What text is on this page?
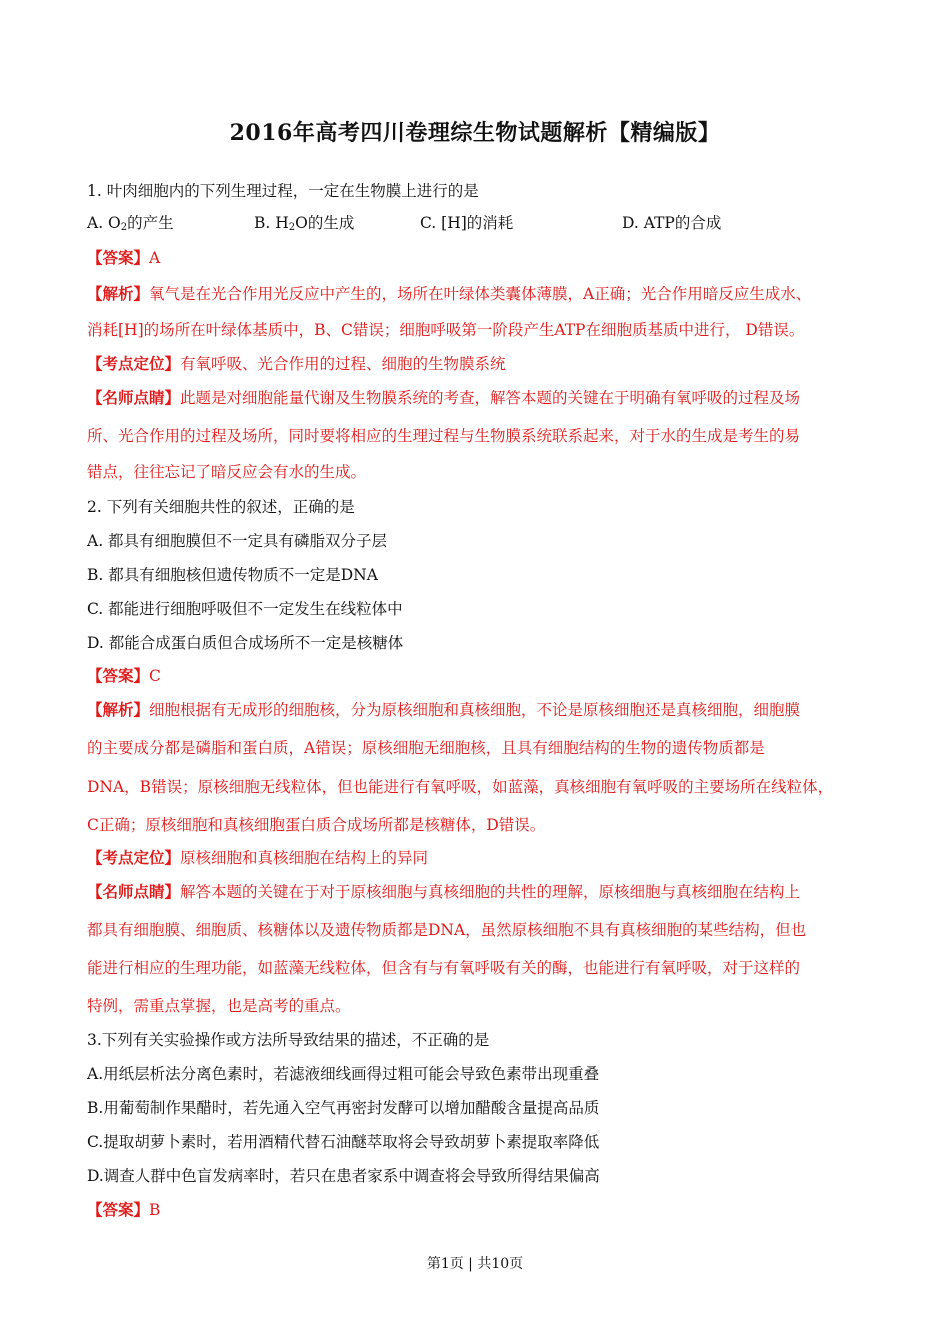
2016年高考四川卷理综生物试题解析【精编版】
1. 叶肉细胞内的下列生理过程，一定在生物膜上进行的是
A. $O_2$的产生	B. $H_2O$的生成	C. [H]的消耗	D. ATP的合成
【答案】A
【解析】氧气是在光合作用光反应中产生的，场所在叶绿体类囊体薄膜，A正确；光合作用暗反应生成水、
消耗[H]的场所在叶绿体基质中，B、C错误；细胞呼吸第一阶段产生ATP在细胞质基质中进行， D错误。
【考点定位】有氧呼吸、光合作用的过程、细胞的生物膜系统
【名师点睛】此题是对细胞能量代谢及生物膜系统的考查，解答本题的关键在于明确有氧呼吸的过程及场
所、光合作用的过程及场所，同时要将相应的生理过程与生物膜系统联系起来，对于水的生成是考生的易
错点，往往忘记了暗反应会有水的生成。
2. 下列有关细胞共性的叙述，正确的是
A. 都具有细胞膜但不一定具有磷脂双分子层
B. 都具有细胞核但遗传物质不一定是DNA
C. 都能进行细胞呼吸但不一定发生在线粒体中
D. 都能合成蛋白质但合成场所不一定是核糖体
【答案】C
【解析】细胞根据有无成形的细胞核，分为原核细胞和真核细胞，不论是原核细胞还是真核细胞，细胞膜
的主要成分都是磷脂和蛋白质，A错误；原核细胞无细胞核，且具有细胞结构的生物的遗传物质都是
DNA，B错误；原核细胞无线粒体，但也能进行有氧呼吸，如蓝藻，真核细胞有氧呼吸的主要场所在线粒体，
C正确；原核细胞和真核细胞蛋白质合成场所都是核糖体，D错误。
【考点定位】原核细胞和真核细胞在结构上的异同
【名师点睛】解答本题的关键在于对于原核细胞与真核细胞的共性的理解，原核细胞与真核细胞在结构上
都具有细胞膜、细胞质、核糖体以及遗传物质都是DNA，虽然原核细胞不具有真核细胞的某些结构，但也
能进行相应的生理功能，如蓝藻无线粒体，但含有与有氧呼吸有关的酶，也能进行有氧呼吸，对于这样的
特例，需重点掌握，也是高考的重点。
3.下列有关实验操作或方法所导致结果的描述，不正确的是
A.用纸层析法分离色素时，若滤液细线画得过粗可能会导致色素带出现重叠
B.用葡萄制作果醋时，若先通入空气再密封发酵可以增加醋酸含量提高品质
C.提取胡萝卜素时，若用酒精代替石油醚萃取将会导致胡萝卜素提取率降低
D.调查人群中色盲发病率时，若只在患者家系中调查将会导致所得结果偏高
【答案】B
第1页 | 共10页
